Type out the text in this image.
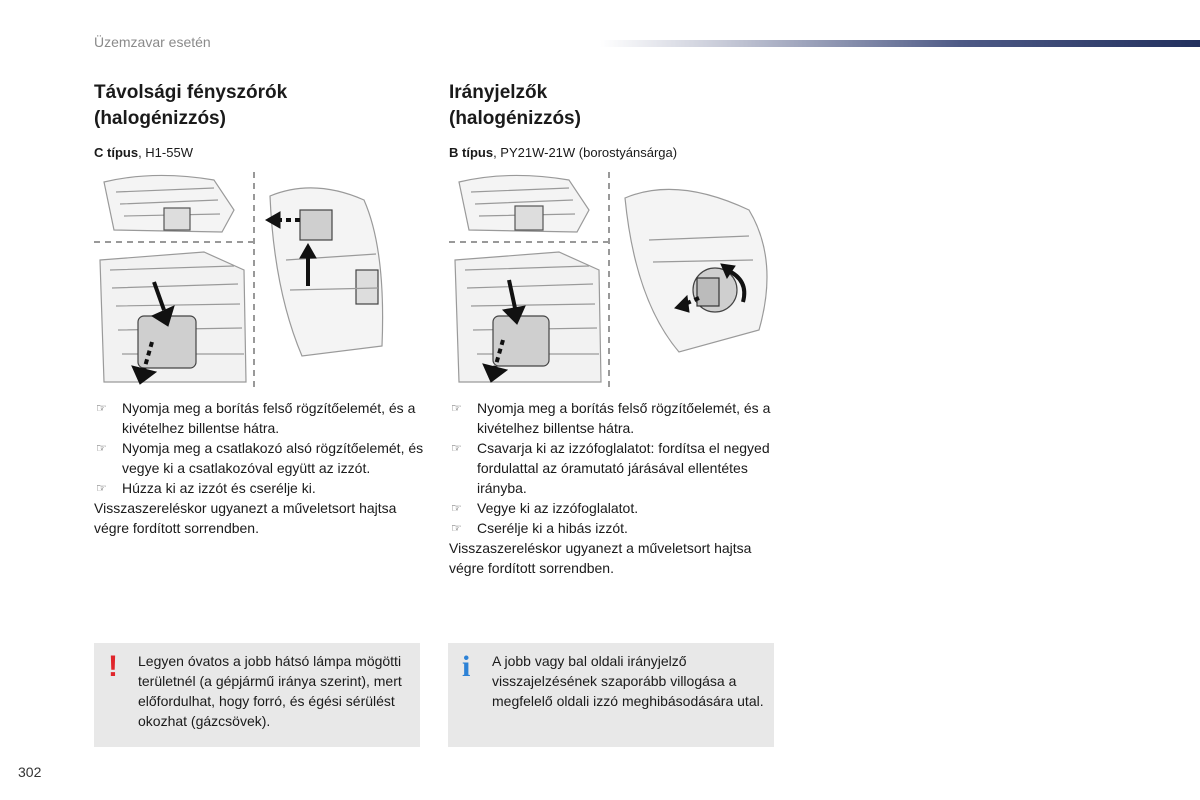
Üzemzavar esetén
Távolsági fényszórók
(halogénizzós)
C típus, H1-55W
Irányjelzők
(halogénizzós)
B típus, PY21W-21W (borostyánsárga)
☞ Nyomja meg a borítás felső rögzítőelemét, és a kivételhez billentse hátra.
☞ Nyomja meg a csatlakozó alsó rögzítőelemét, és vegye ki a csatlakozóval együtt az izzót.
☞ Húzza ki az izzót és cserélje ki.
Visszaszereléskor ugyanezt a műveletsort hajtsa végre fordított sorrendben.
☞ Nyomja meg a borítás felső rögzítőelemét, és a kivételhez billentse hátra.
☞ Csavarja ki az izzófoglalatot: fordítsa el negyed fordulattal az óramutató járásával ellentétes irányba.
☞ Vegye ki az izzófoglalatot.
☞ Cserélje ki a hibás izzót.
Visszaszereléskor ugyanezt a műveletsort hajtsa végre fordított sorrendben.
! Legyen óvatos a jobb hátsó lámpa mögötti területnél (a gépjármű iránya szerint), mert előfordulhat, hogy forró, és égési sérülést okozhat (gázcsövek).
i A jobb vagy bal oldali irányjelző visszajelzésének szaporább villogása a megfelelő oldali izzó meghibásodására utal.
302
